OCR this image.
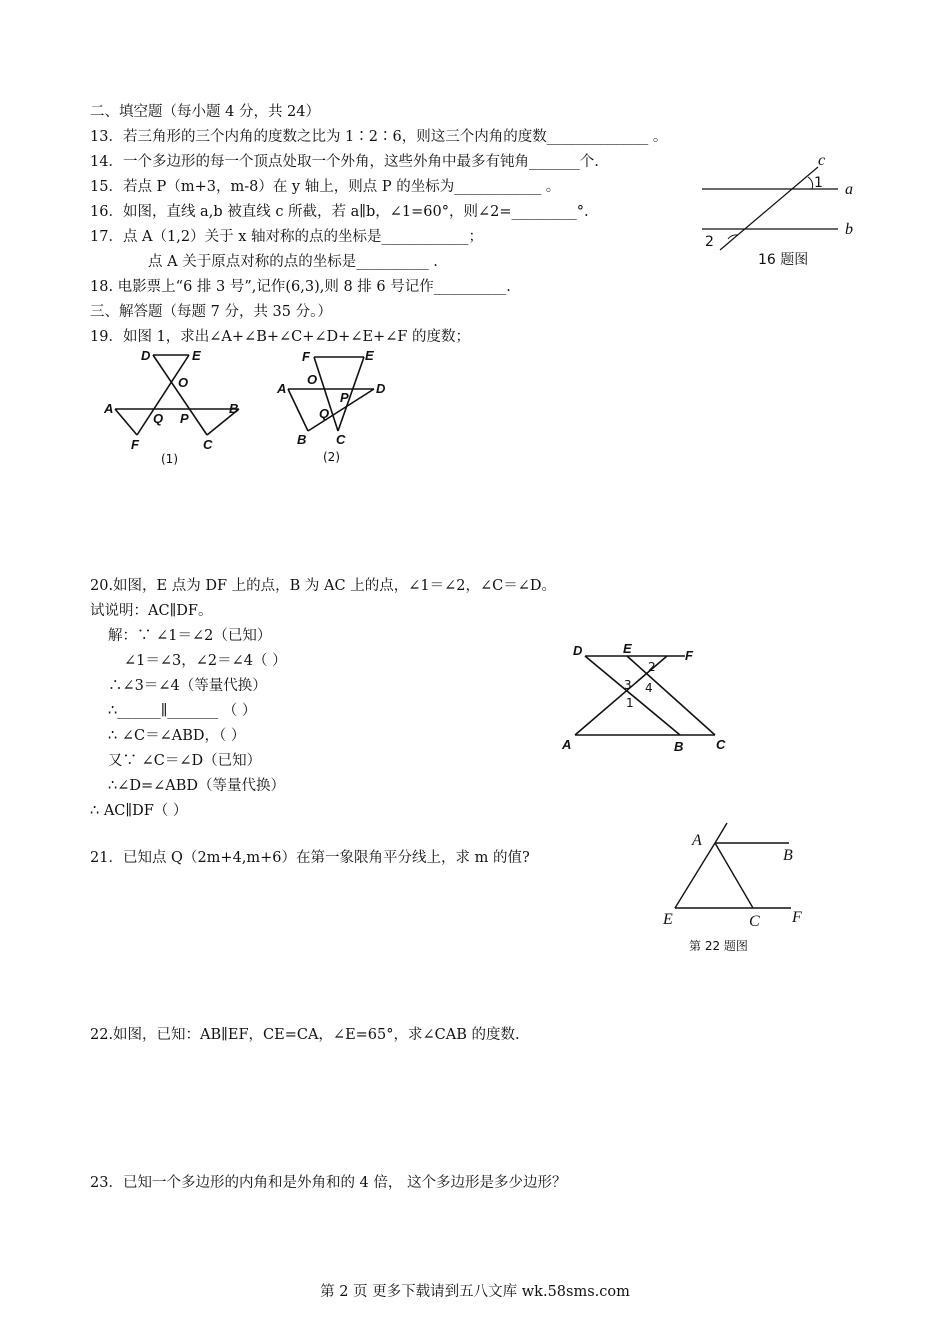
二、填空题（每小题 4 分，共 24）
13．若三角形的三个内角的度数之比为 1∶2∶6，则这三个内角的度数______________ 。
14．一个多边形的每一个顶点处取一个外角，这些外角中最多有钝角_______个.
15．若点 P（m+3，m-8）在 y 轴上，则点 P 的坐标为____________ 。
16．如图，直线 a,b 被直线 c 所截，若 a∥b，∠1=60°，则∠2=_________°.
17．点 A（1,2）关于 x 轴对称的点的坐标是____________；
点 A 关于原点对称的点的坐标是__________ .
18. 电影票上“6 排 3 号”,记作(6,3),则 8 排 6 号记作__________.
三、解答题（每题 7 分，共 35 分。）
19．如图 1，求出∠A+∠B+∠C+∠D+∠E+∠F 的度数；
20.如图，E 点为 DF 上的点，B 为 AC 上的点，∠1＝∠2，∠C＝∠D。
试说明：AC∥DF。
解：∵ ∠1＝∠2（已知）
∠1＝∠3，∠2＝∠4（ ）
∴∠3＝∠4（等量代换）
∴______∥_______ （ ）
∴ ∠C＝∠ABD，（ ）
又∵ ∠C＝∠D（已知）
∴∠D=∠ABD（等量代换）
∴ AC∥DF（ ）
21．已知点 Q（2m+4,m+6）在第一象限角平分线上，求 m 的值?
22.如图，已知：AB∥EF，CE=CA，∠E=65°，求∠CAB 的度数.
23．已知一个多边形的内角和是外角和的 4 倍， 这个多边形是多少边形？
c
a
b
1
2
16 题图
D	E
O
A
Q P
B
F	C
(1)
F	E
A
O
P
D
Q
B C
(2)
D	E	F
A	B	C
2
3 4
1
A
B
E	C F
第 22 题图
第 2 页 更多下载请到五八文库 wk.58sms.com
